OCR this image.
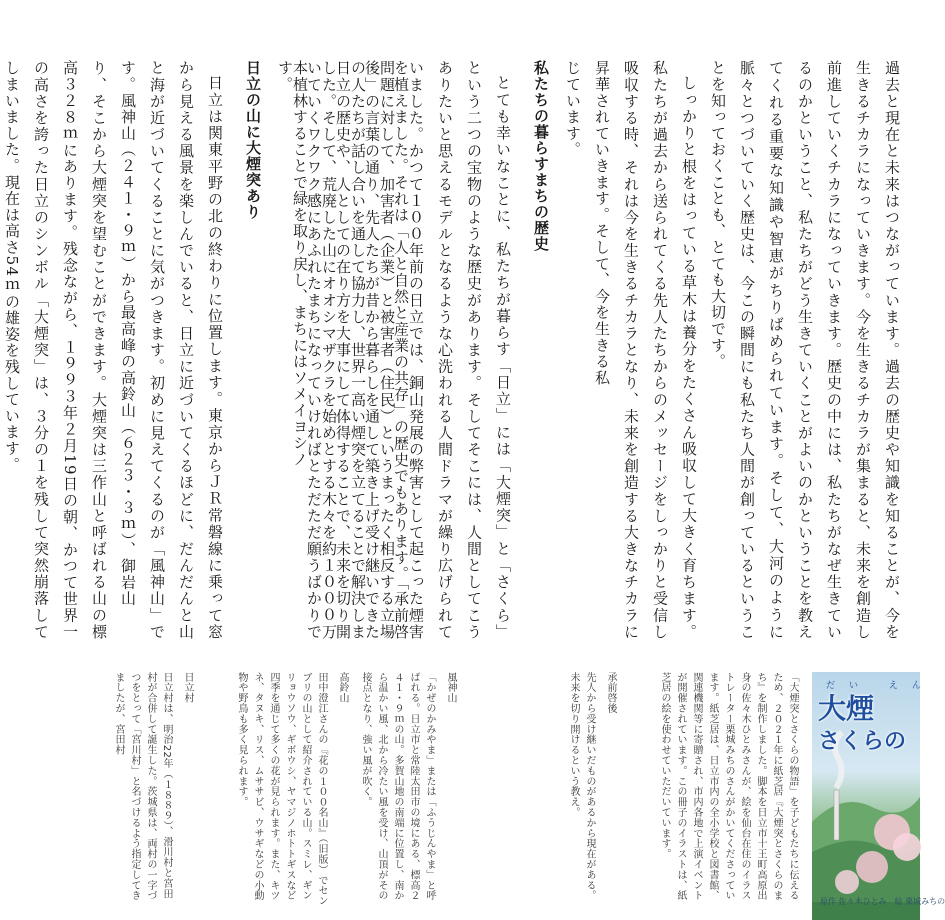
過去と現在と未来はつながっています。過去の歴史や知識を知ることが、今を生きるチカラになっていきます。今を生きるチカラが集まると、未来を創造し前進していくチカラになっていきます。歴史の中には、私たちがなぜ生きているのかということ、私たちがどう生きていくことがよいのかということを教えてくれる重要な知識や智恵がちりばめられています。そして、大河のように脈々とつづいていく歴史は、今この瞬間にも私たち人間が創っているということを知っておくことも、とても大切です。

しっかりと根をはっている草木は養分をたくさん吸収して大きく育ちます。私たちが過去から送られてくる先人たちからのメッセージをしっかりと受信し吸収する時、それは今を生きるチカラとなり、未来を創造する大きなチカラに昇華されていきます。そして、今を生きる私

じています。

私たちの暮らすまちの歴史

とても幸いなことに、私たちが暮らす「日立」には「大煙突」と「さくら」という二つの宝物のような歴史があります。そしてそこには、人間としてこうありたいと思えるモデルとなるような心洗われる人間ドラマが繰り広げられていました。かつて１００年前の日立では、銅山発展の弊害として起こった煙害問題に対して、加害者（企業）と被害者（住民）というまったく相反する立場の人たちが話し合いを通して協力し、世界一高い煙突を立てることで解決しました。そして、荒廃した山にオオシマザクラを始めとする木々を約１０００万本植林することで緑を取り戻し、まちにはソメイヨシノ	を植えました。それは「人と自然と産業の共存」の歴史でもあります。「承前啓後」の言葉の通り、先人たちが昔から暮らしを通して築き上げ受け継いできた日立の歴史や、人としての在り方を大事にして体得することで、未来を切り開いていくワクワク感にあふれたまちになっていければとただただ願うばかりです。

日立の山に大煙突あり

日立は関東平野の北の終わりに位置します。東京からＪＲ常磐線に乗って窓から見える風景を楽しんでいると、日立に近づいてくるほどに、だんだんと山と海が近づいてくることに気がつきます。初めに見えてくるのが「風神山」です。風神山（２４１・９ｍ）から最高峰の高鈴山（６２３・３ｍ）、御岩山

り、そこから大煙突を望むことができます。大煙突は三作山と呼ばれる山の標高３２８ｍにあります。残念ながら、１９９３年２月19日の朝、かつて世界一の高さを誇った日立のシンボル「大煙突」は、３分の１を残して突然崩落してしまいました。現在は高さ54ｍの雄姿を残しています。

「大煙突とさくらの物語」を子どもたちに伝えるため、２０２１年に紙芝居『大煙突とさくらのまち』を制作しました。脚本を日立市十王町高原出身の佐々木ひとみさんが、絵を仙台在住のイラストレーター栗城みちのさんがかいてくださっています。紙芝居は、日立市内の全小学校と図書館、関連機関等に寄贈され、市内各地で上演イベントが開催されています。この冊子のイラストは、紙芝居の絵を使わせていただいています。

承前啓後

先人から受け継いだものがあるから現在がある。未来を切り開けるという教え。

風神山

「かぜのかみやま」または「ふうじんやま」と呼ばれる。日立市と常陸太田市の境にある、標高２４１・９ｍの山。多賀山地の南端に位置し、南から温かい風、北から冷たい風を受け、山頂がその接点となり、強い風が吹く。

高鈴山

田中澄江さんの『花の１００名山』（旧版）でセンブリの山として紹介されている山。スミレ、ギンリョウソウ、ギボウシ、ヤマジノホトトギスなど四季を通じて多くの花が見られます。また、キツネ、タヌキ、リス、ムササビ、ウサギなどの小動物や野鳥も多く見られます。

日立村

日立村は、明治22年（１８８９）、滑川村と宮田村が合併して誕生した。茨城県は、両村の一字づつをとって「宮川村」と名づけるよう指定してきましたが、宮田村	だい えん
大煙
さくらの
原作 佐々木ひとみ　絵 栗城みちの
